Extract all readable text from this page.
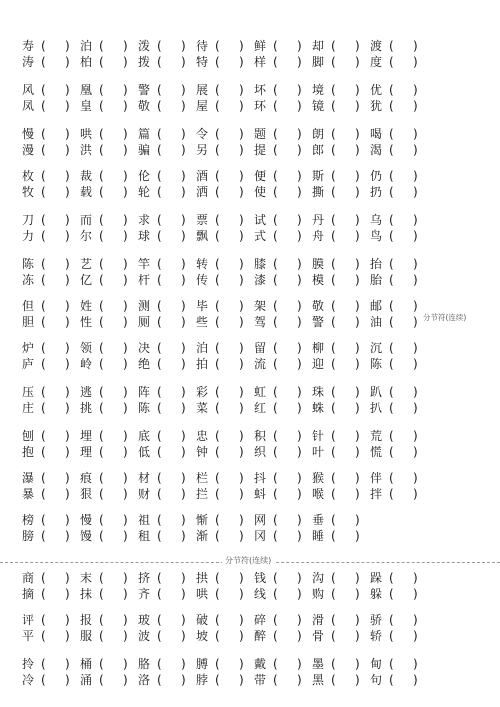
寿 ( ) 泊 ( ) 泼 ( ) 待 ( ) 鲜 ( ) 却 ( ) 渡 ( )
涛 ( ) 柏 ( ) 拨 ( ) 特 ( ) 样 ( ) 脚 ( ) 度 ( )
风 ( ) 凰 ( ) 警 ( ) 展 ( ) 坏 ( ) 境 ( ) 优 ( )
凤 ( ) 皇 ( ) 敬 ( ) 屋 ( ) 环 ( ) 镜 ( ) 犹 ( )
慢 ( ) 哄 ( ) 篇 ( ) 令 ( ) 题 ( ) 朗 ( ) 喝 ( )
漫 ( ) 洪 ( ) 骗 ( ) 另 ( ) 提 ( ) 郎 ( ) 渴 ( )
枚 ( ) 裁 ( ) 伦 ( ) 酒 ( ) 便 ( ) 斯 ( ) 仍 ( )
牧 ( ) 载 ( ) 轮 ( ) 洒 ( ) 使 ( ) 撕 ( ) 扔 ( )
刀 ( ) 而 ( ) 求 ( ) 票 ( ) 试 ( ) 丹 ( ) 乌 ( )
力 ( ) 尔 ( ) 球 ( ) 飘 ( ) 式 ( ) 舟 ( ) 鸟 ( )
陈 ( ) 艺 ( ) 竿 ( ) 转 ( ) 膝 ( ) 膜 ( ) 抬 ( )
冻 ( ) 亿 ( ) 杆 ( ) 传 ( ) 漆 ( ) 模 ( ) 胎 ( )
但 ( ) 姓 ( ) 测 ( ) 毕 ( ) 架 ( ) 敬 ( ) 邮 ( )
胆 ( ) 性 ( ) 厕 ( ) 些 ( ) 驾 ( ) 警 ( ) 油 ( )
炉 ( ) 领 ( ) 决 ( ) 泊 ( ) 留 ( ) 柳 ( ) 沉 ( )
庐 ( ) 岭 ( ) 绝 ( ) 拍 ( ) 流 ( ) 迎 ( ) 陈 ( )
压 ( ) 逃 ( ) 阵 ( ) 彩 ( ) 虹 ( ) 珠 ( ) 趴 ( )
庄 ( ) 挑 ( ) 陈 ( ) 菜 ( ) 红 ( ) 蛛 ( ) 扒 ( )
刨 ( ) 埋 ( ) 底 ( ) 忠 ( ) 积 ( ) 针 ( ) 荒 ( )
抱 ( ) 理 ( ) 低 ( ) 钟 ( ) 织 ( ) 叶 ( ) 慌 ( )
瀑 ( ) 痕 ( ) 材 ( ) 栏 ( ) 抖 ( ) 猴 ( ) 伴 ( )
暴 ( ) 狠 ( ) 财 ( ) 拦 ( ) 蚪 ( ) 喉 ( ) 拌 ( )
榜 ( ) 慢 ( ) 祖 ( ) 惭 ( ) 网 ( ) 垂 ( )
膀 ( ) 馒 ( ) 租 ( ) 渐 ( ) 冈 ( ) 睡 ( )
商 ( ) 末 ( ) 挤 ( ) 拱 ( ) 钱 ( ) 沟 ( ) 跺 ( )
摘 ( ) 抹 ( ) 齐 ( ) 哄 ( ) 线 ( ) 购 ( ) 躲 ( )
评 ( ) 报 ( ) 玻 ( ) 破 ( ) 碎 ( ) 滑 ( ) 骄 ( )
平 ( ) 服 ( ) 波 ( ) 坡 ( ) 醉 ( ) 骨 ( ) 轿 ( )
拎 ( ) 桶 ( ) 胳 ( ) 膊 ( ) 戴 ( ) 墨 ( ) 甸 ( )
冷 ( ) 涌 ( ) 洛 ( ) 脖 ( ) 带 ( ) 黑 ( ) 句 ( )
分节符(连续)
分节符(连续)
